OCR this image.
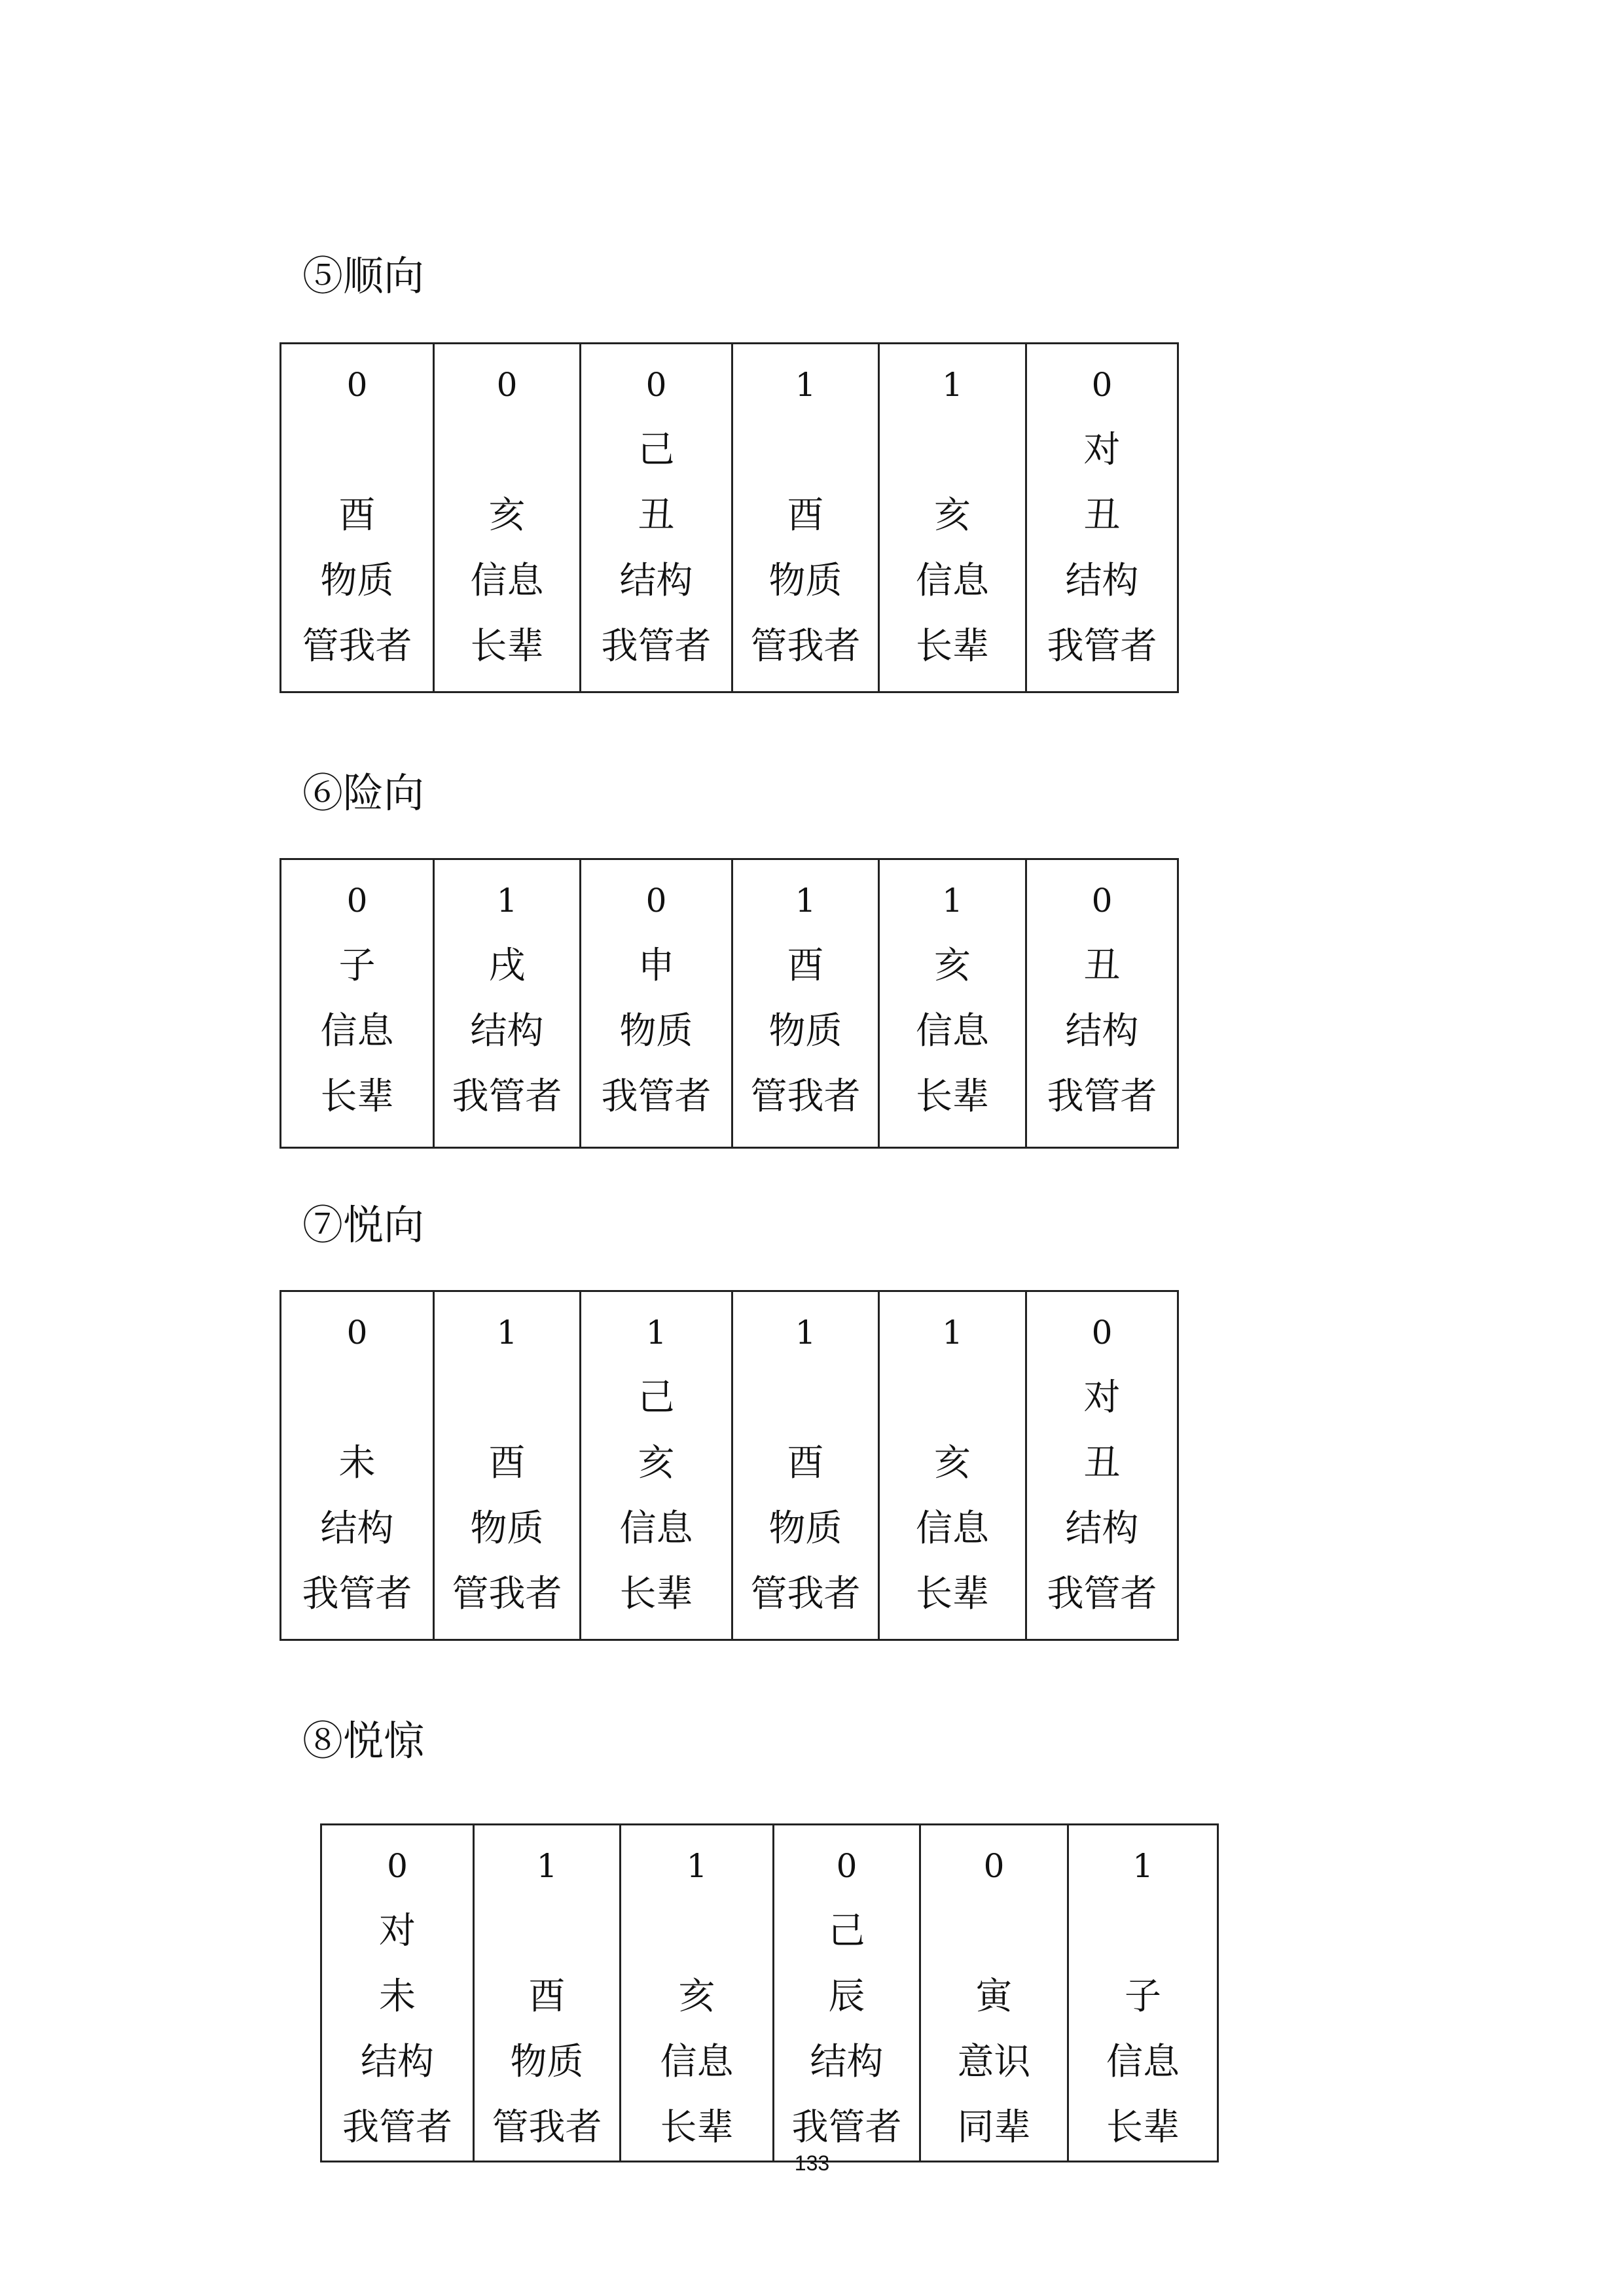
⑤顺向
0
酉
物质
管我者

0
亥
信息
长辈

0
己
丑
结构
我管者

1
酉
物质
管我者

1
亥
信息
长辈

0
对
丑
结构
我管者
⑥险向
0
子
信息
长辈

1
戌
结构
我管者

0
申
物质
我管者

1
酉
物质
管我者

1
亥
信息
长辈

0
丑
结构
我管者
⑦悦向
0
未
结构
我管者

1
酉
物质
管我者

1
己
亥
信息
长辈

1
酉
物质
管我者

1
亥
信息
长辈

0
对
丑
结构
我管者
⑧悦惊
0
对
未
结构
我管者

1
酉
物质
管我者

1
亥
信息
长辈

0
己
辰
结构
我管者

0
寅
意识
同辈

1
子
信息
长辈
133
